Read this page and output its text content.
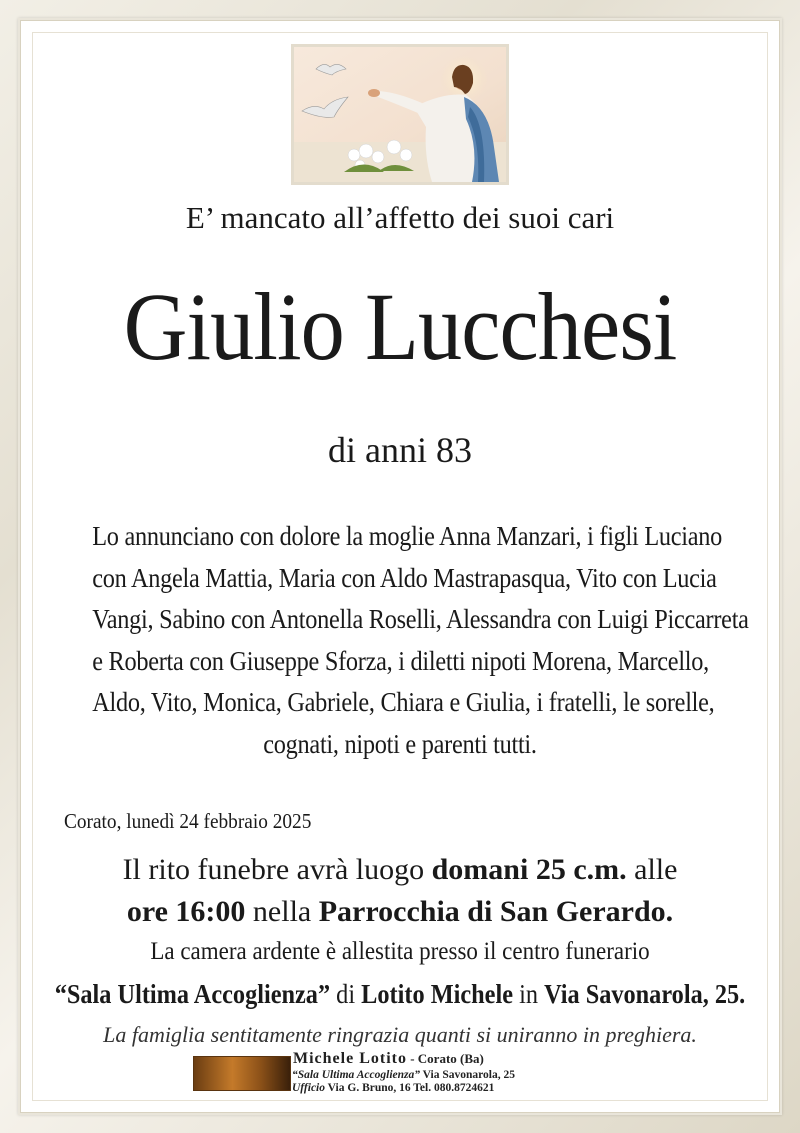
E’ mancato all’affetto dei suoi cari
Giulio Lucchesi
di anni 83
Lo annunciano con dolore la moglie Anna Manzari, i figli Luciano
con Angela Mattia, Maria con Aldo Mastrapasqua, Vito con Lucia
Vangi, Sabino con Antonella Roselli, Alessandra con Luigi Piccarreta
e Roberta con Giuseppe Sforza, i diletti nipoti Morena, Marcello,
Aldo, Vito, Monica, Gabriele, Chiara e Giulia, i fratelli, le sorelle,
cognati, nipoti e parenti tutti.
Corato, lunedì 24 febbraio 2025
Il rito funebre avrà luogo domani 25 c.m. alle
ore 16:00 nella Parrocchia di San Gerardo.
La camera ardente è allestita presso il centro funerario
“Sala Ultima Accoglienza” di Lotito Michele in Via Savonarola, 25.
La famiglia sentitamente ringrazia quanti si uniranno in preghiera.
Michele Lotito - Corato (Ba)
“Sala Ultima Accoglienza” Via Savonarola, 25
Ufficio Via G. Bruno, 16 Tel. 080.8724621
